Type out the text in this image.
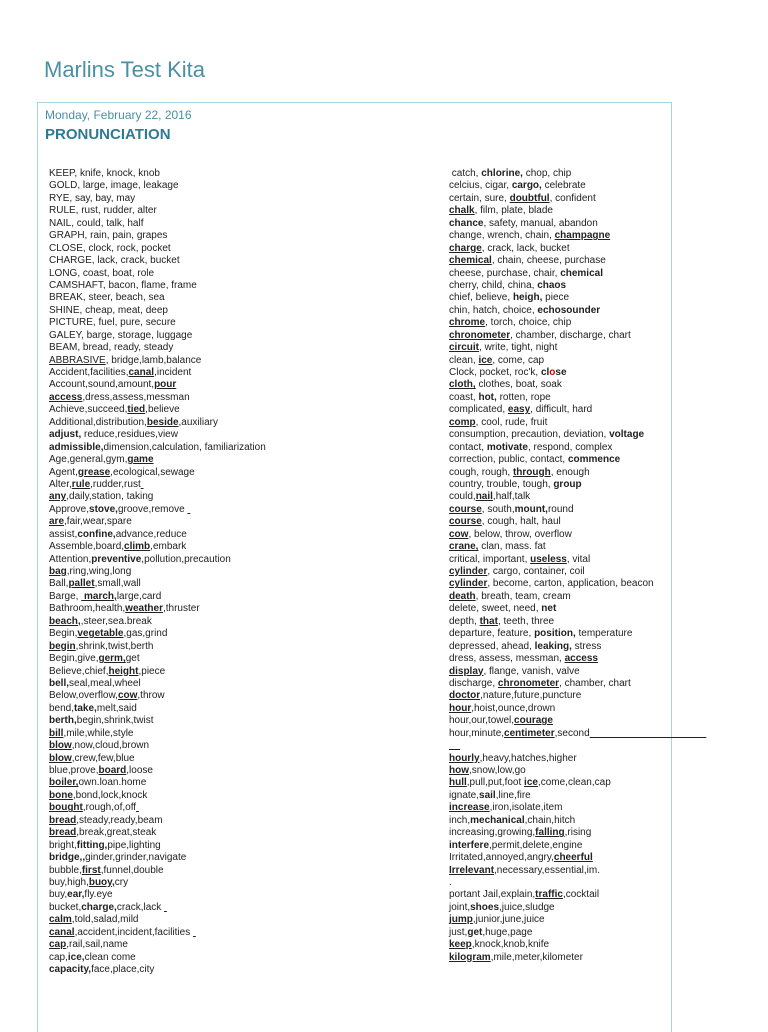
Marlins Test Kita
Monday, February 22, 2016
PRONUNCIATION
KEEP, knife, knock, knob
GOLD, large, image, leakage
RYE, say, bay, may
RULE, rust, rudder, alter
NAIL, could, talk, half
GRAPH, rain, pain, grapes
CLOSE, clock, rock, pocket
CHARGE, lack, crack, bucket
LONG, coast, boat, role
CAMSHAFT, bacon, flame, frame
BREAK, steer, beach, sea
SHINE, cheap, meat, deep
PICTURE, fuel, pure, secure
GALEY, barge, storage, luggage
BEAM, bread, ready, steady
ABBRASIVE, bridge,lamb,balance
Accident,facilities,canal,incident
Account,sound,amount,pour
access,dress,assess,messman
Achieve,succeed,tied,believe
Additional,distribution,beside,auxiliary
adjust, reduce,residues,view
admissible,dimension,calculation, familiarization
Age,general,gym,game
Agent,grease,ecological,sewage
Alter,rule,rudder,rust
any,daily,station, taking
Approve,stove,groove,remove
are,fair,wear,spare
assist,confine,advance,reduce
Assemble,board,climb,embark
Attention,preventive,pollution,precaution
bag,ring,wing,long
Ball,pallet,small,wall
Barge,  march,large,card
Bathroom,health,weather,thruster
beach,,steer,sea.break
Begin,vegetable,gas,grind
begin,shrink,twist,berth
Begin,give,germ,get
Believe,chief,height,piece
bell,seal,meal,wheel
Below,overflow,cow,throw
bend,take,melt,said
berth,begin,shrink,twist
bill,mile,while,style
blow,now,cloud,brown
blow,crew,few,blue
blue,prove,board,loose
boiler,own.loan.home
bone,bond,lock,knock
bought,rough,of,off
bread,steady,ready,beam
bread,break,great,steak
bright,fitting,pipe,lighting
bridge,,ginder,grinder,navigate
bubble,first,funnel,double
buy,high,buoy,cry
buy,ear,fly.eye
bucket,charge,crack,lack
calm,told,salad,mild
canal,accident,incident,facilities
cap,rail,sail,name
cap,ice,clean come
capacity,face,place,city
catch, chlorine, chop, chip
celcius, cigar, cargo, celebrate
certain, sure, doubtful, confident
chalk, film, plate, blade
chance, safety, manual, abandon
change, wrench, chain, champagne
charge, crack, lack, bucket
chemical, chain, cheese, purchase
cheese, purchase, chair, chemical
cherry, child, china, chaos
chief, believe, heigh, piece
chin, hatch, choice, echosounder
chrome, torch, choice, chip
chronometer, chamber, discharge, chart
circuit, write, tight, night
clean, ice, come, cap
Clock, pocket, roc'k, close
cloth, clothes, boat, soak
coast, hot, rotten, rope
complicated, easy, difficult, hard
comp, cool, rude, fruit
consumption, precaution, deviation, voltage
contact, motivate, respond, complex
correction, public, contact, commence
cough, rough, through, enough
country, trouble, tough, group
could,nail,half,talk
course, south,mount,round
course, cough, halt, haul
cow, below, throw, overflow
crane, clan, mass. fat
critical, important, useless, vital
cylinder, cargo, container, coil
cylinder, become, carton, application, beacon
death, breath, team, cream
delete, sweet, need, net
depth, that, teeth, three
departure, feature, position, temperature
depressed, ahead, leaking, stress
dress, assess, messman, access
display, flange, vanish, valve
discharge, chronometer, chamber, chart
doctor,nature,future,puncture
hour,hoist,ounce,drown
hour,our,towel,courage
hour,minute,centimeter,second

hourly,heavy,hatches,higher
how,snow,low,go
hull,pull,put,foot ice,come,clean,cap
ignate,sail,line,fire
increase,iron,isolate,item
inch,mechanical,chain,hitch
increasing,growing,falling,rising
interfere,permit,delete,engine
Irritated,annoyed,angry,cheerful
Irrelevant,necessary,essential,im.
.
portant Jail,explain,traffic,cocktail
joint,shoes,juice,sludge
jump,junior,june,juice
just,get,huge,page
keep,knock,knob,knife
kilogram,mile,meter,kilometer
